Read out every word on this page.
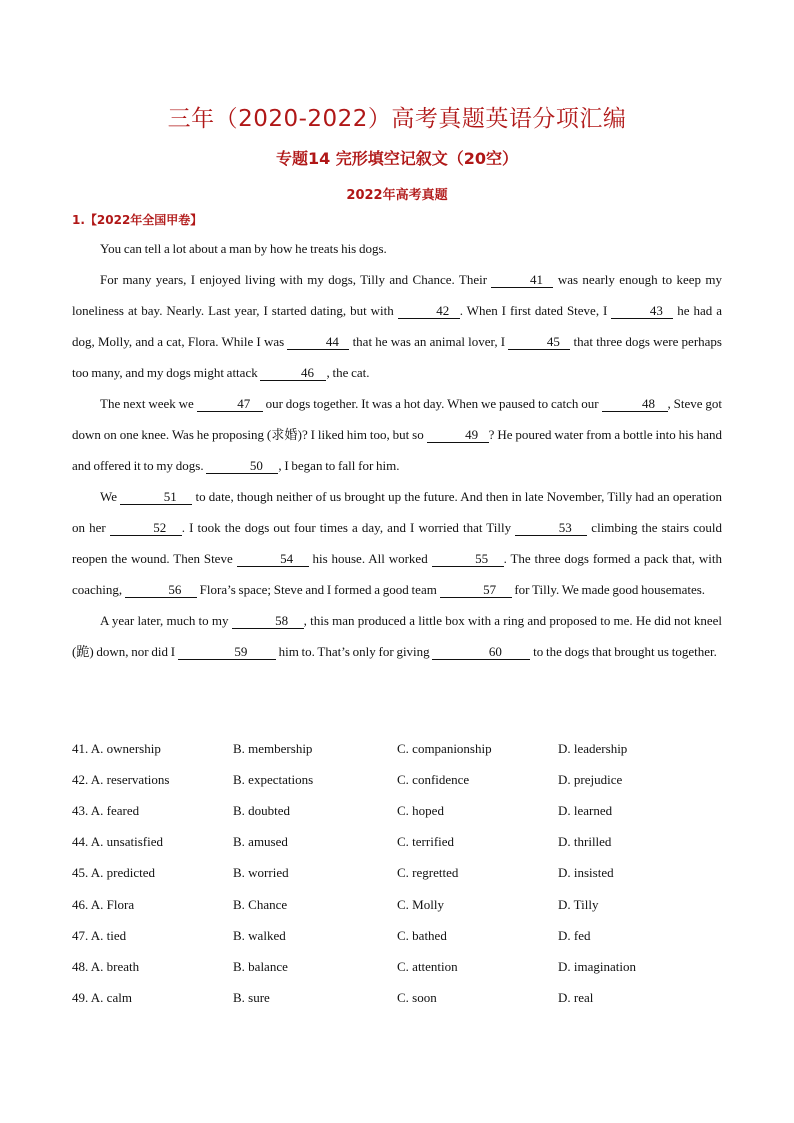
三年（2020-2022）高考真题英语分项汇编
专题14 完形填空记叙文（20空）
2022年高考真题
1.【2022年全国甲卷】

You can tell a lot about a man by how he treats his dogs.

For many years, I enjoyed living with my dogs, Tilly and Chance. Their	41 was nearly enough to keep my loneliness at bay. Nearly. Last year, I started dating, but with	42 . When I first dated Steve, I	43 he had a dog, Molly, and a cat, Flora. While I was	44 that he was an animal lover, I	45 that three dogs were perhaps too many, and my dogs might attack	46 , the cat.

The next week we	47 our dogs together. It was a hot day. When we paused to catch our	48 , Steve got down on one knee. Was he proposing (求婚)? I liked him too, but so	49 ? He poured water from a bottle into his hand and offered it to my dogs.	50 , I began to fall for him.

We	51 to date, though neither of us brought up the future. And then in late November, Tilly had an operation on her	52 . I took the dogs out four times a day, and I worried that Tilly	53 climbing the stairs could reopen the wound. Then Steve	54 his house. All worked	55 . The three dogs formed a pack that, with coaching,	56 Flora’s space; Steve and I formed a good team	57 for Tilly. We made good housemates.

A year later, much to my	58 , this man produced a little box with a ring and proposed to me. He did not kneel (跪) down, nor did I	59 him to. That’s only for giving	60 to the dogs that brought us together.

41. A. ownership	B. membership	C. companionship	D. leadership
42. A. reservations	B. expectations	C. confidence	D. prejudice
43. A. feared	B. doubted	C. hoped	D. learned
44. A. unsatisfied	B. amused	C. terrified	D. thrilled
45. A. predicted	B. worried	C. regretted	D. insisted
46. A. Flora	B. Chance	C. Molly	D. Tilly
47. A. tied	B. walked	C. bathed	D. fed
48. A. breath	B. balance	C. attention	D. imagination
49. A. calm	B. sure	C. soon	D. real
